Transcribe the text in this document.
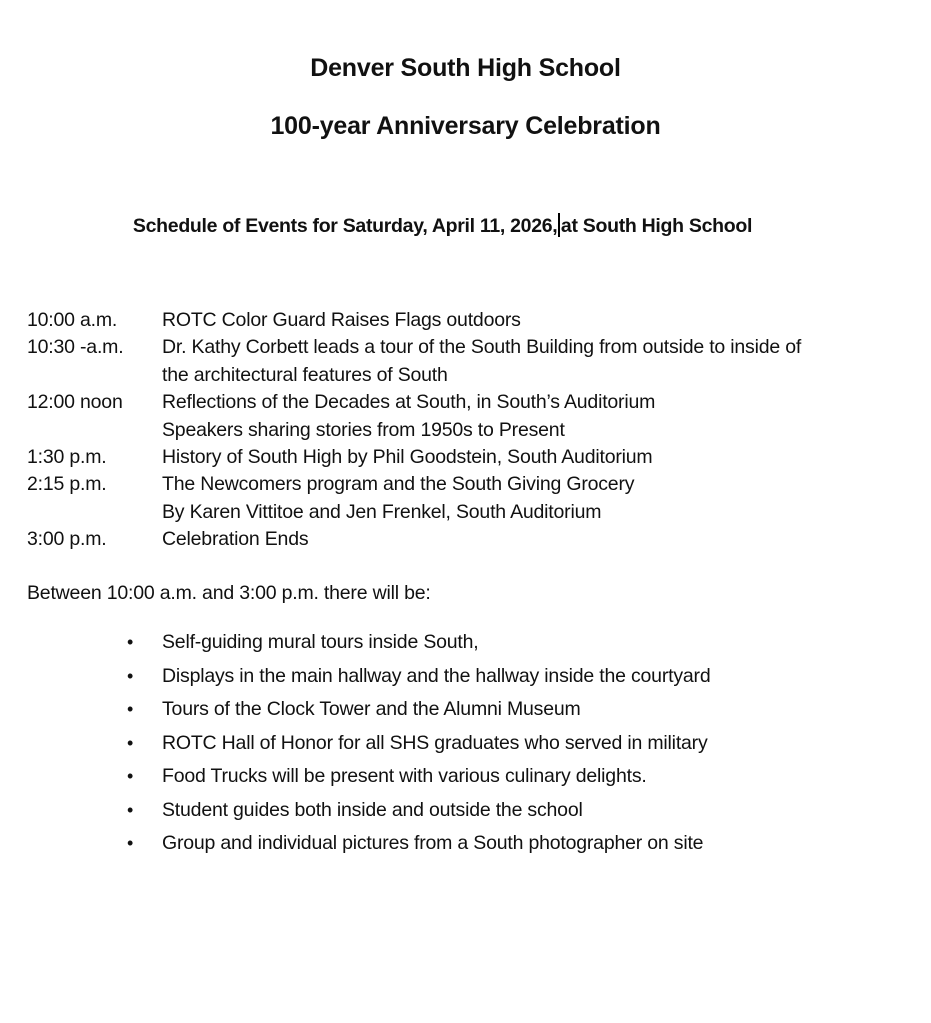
Denver South High School
100-year Anniversary Celebration
Schedule of Events for Saturday, April 11, 2026, at South High School
10:00 a.m.	ROTC Color Guard Raises Flags outdoors
10:30 -a.m.	Dr. Kathy Corbett leads a tour of the South Building from outside to inside of
the architectural features of South
12:00 noon	Reflections of the Decades at South, in South’s Auditorium
Speakers sharing stories from 1950s to Present
1:30 p.m.	History of South High by Phil Goodstein, South Auditorium
2:15 p.m.	The Newcomers program and the South Giving Grocery
By Karen Vittitoe and Jen Frenkel, South Auditorium
3:00 p.m.	Celebration Ends
Between 10:00 a.m. and 3:00 p.m. there will be:
•	Self-guiding mural tours inside South,
•	Displays in the main hallway and the hallway inside the courtyard
•	Tours of the Clock Tower and the Alumni Museum
•	ROTC Hall of Honor for all SHS graduates who served in military
•	Food Trucks will be present with various culinary delights.
•	Student guides both inside and outside the school
•	Group and individual pictures from a South photographer on site
